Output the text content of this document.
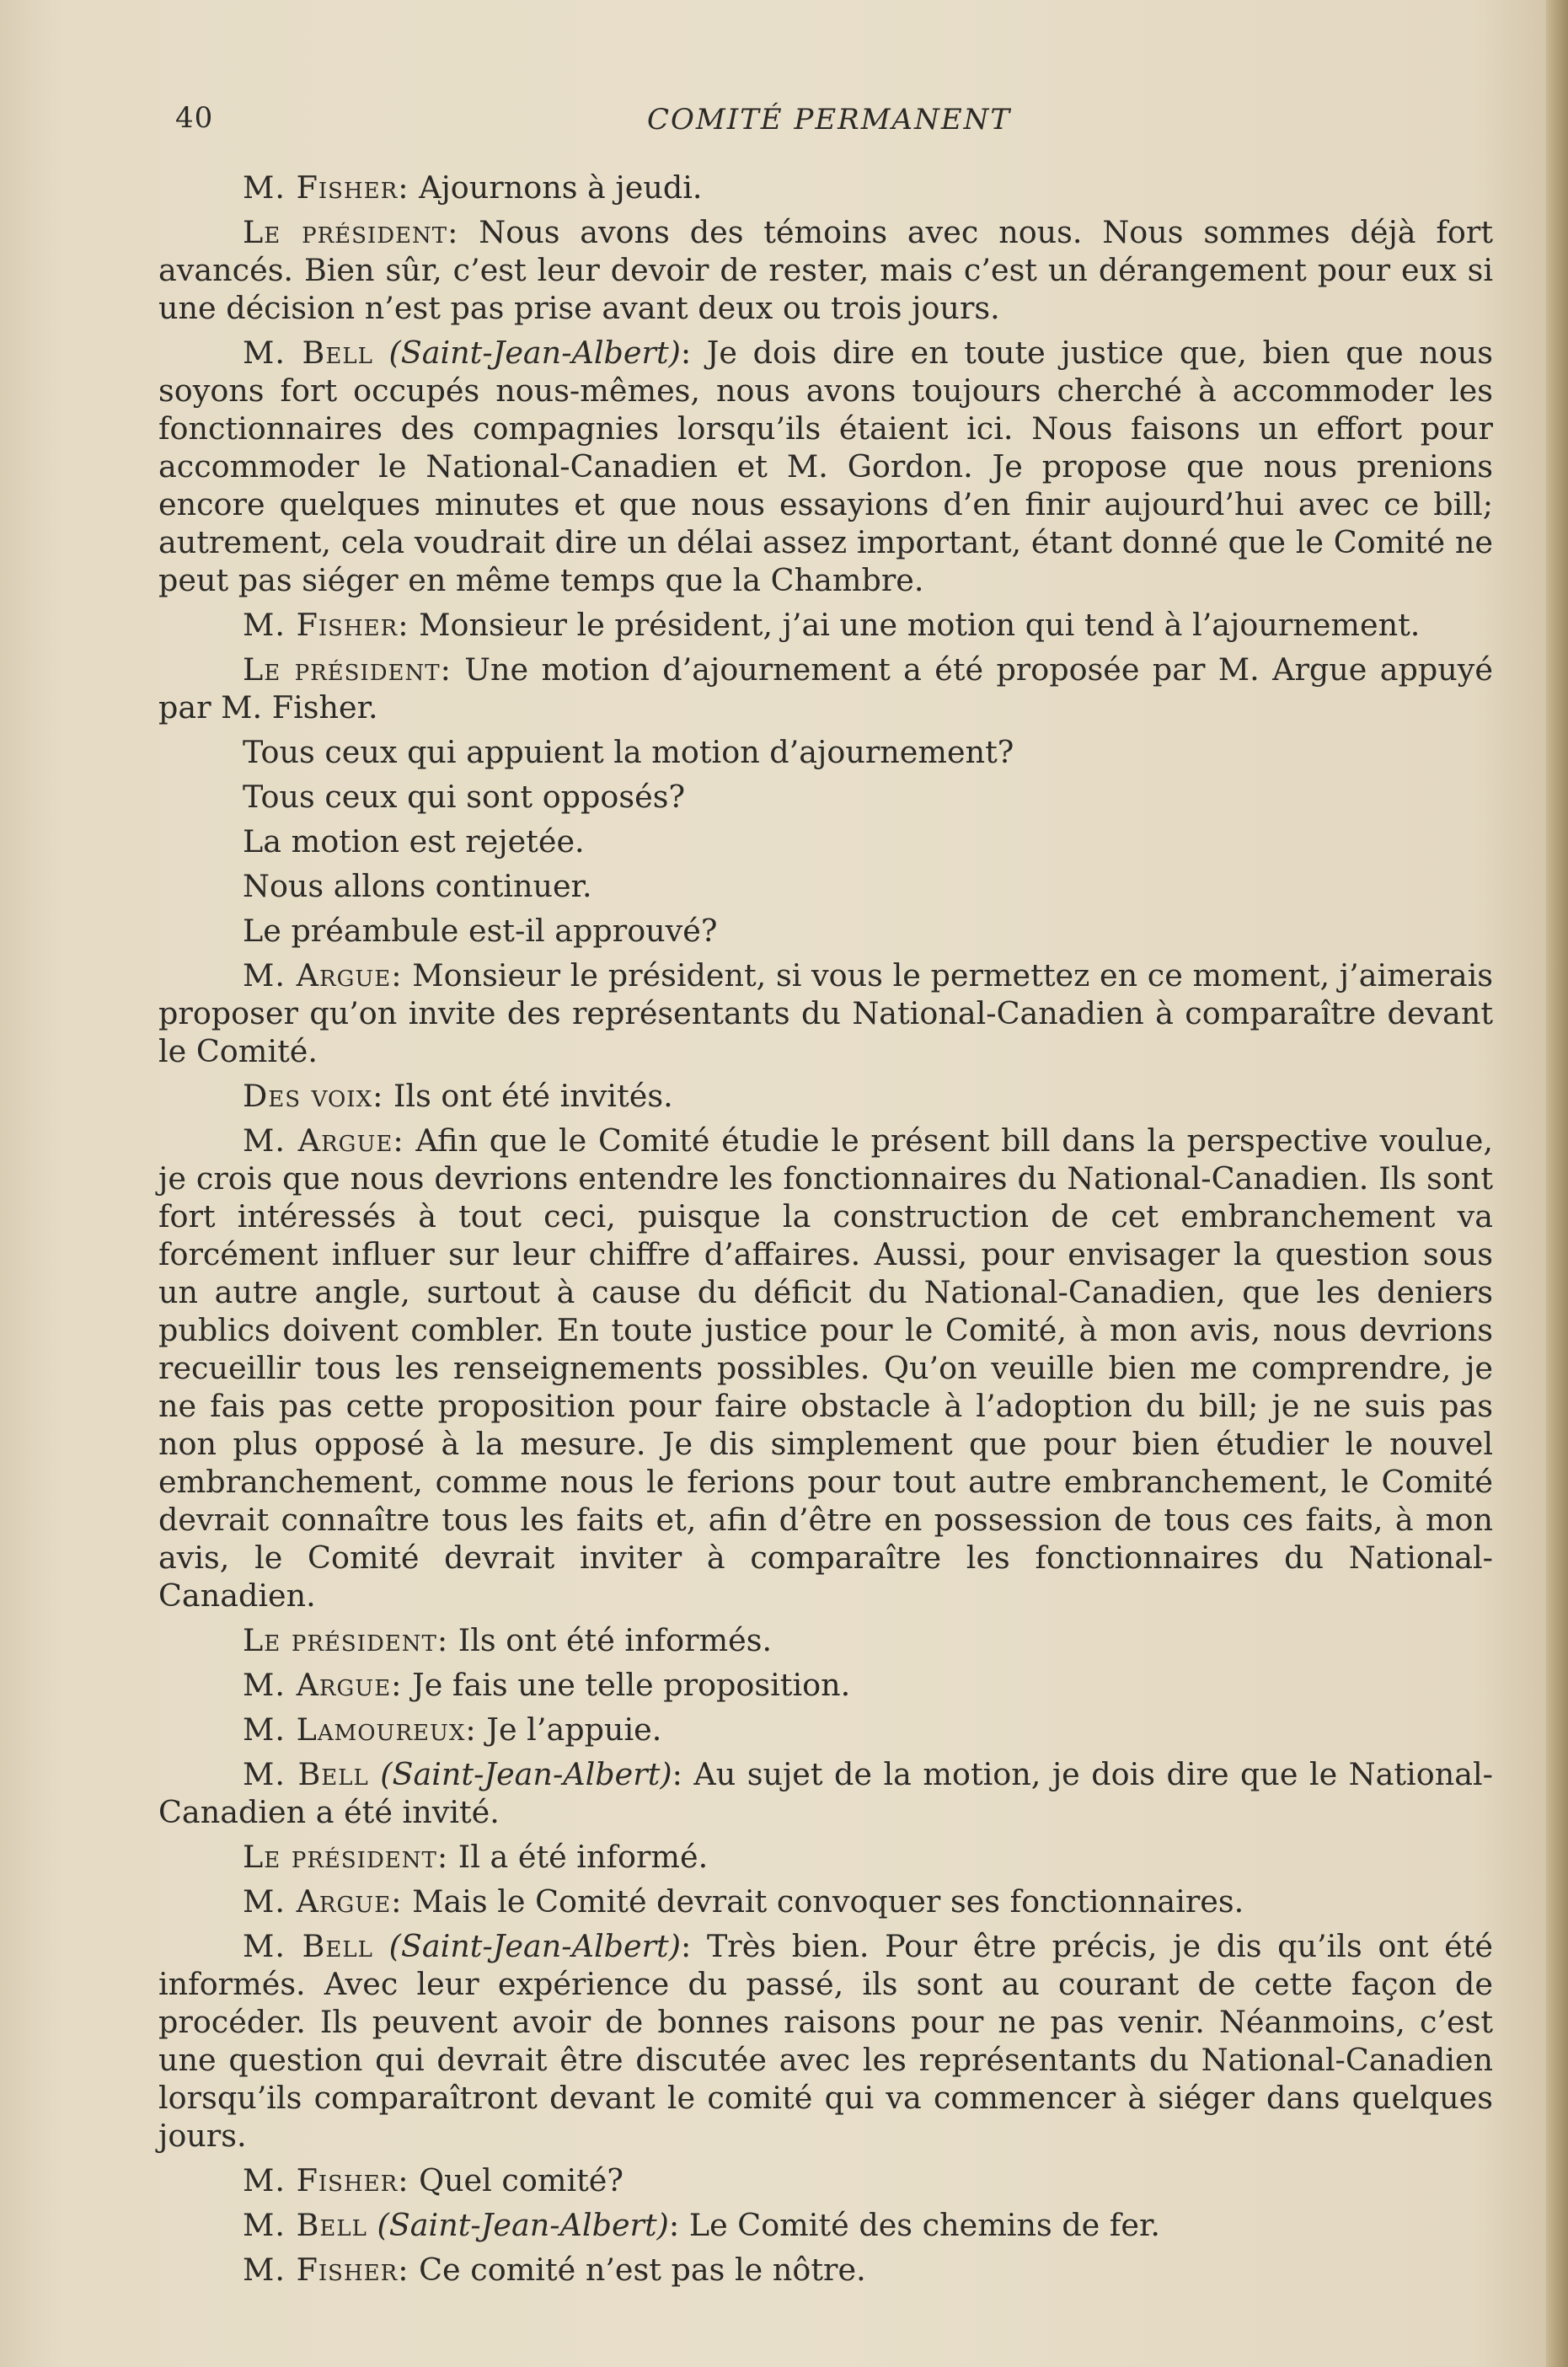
40	COMITÉ PERMANENT

M. Fisher: Ajournons à jeudi.

Le président: Nous avons des témoins avec nous. Nous sommes déjà fort avancés. Bien sûr, c’est leur devoir de rester, mais c’est un dérangement pour eux si une décision n’est pas prise avant deux ou trois jours.

M. Bell (Saint-Jean-Albert): Je dois dire en toute justice que, bien que nous soyons fort occupés nous-mêmes, nous avons toujours cherché à accommoder les fonctionnaires des compagnies lorsqu’ils étaient ici. Nous faisons un effort pour accommoder le National-Canadien et M. Gordon. Je propose que nous prenions encore quelques minutes et que nous essayions d’en finir aujourd’hui avec ce bill; autrement, cela voudrait dire un délai assez important, étant donné que le Comité ne peut pas siéger en même temps que la Chambre.

M. Fisher: Monsieur le président, j’ai une motion qui tend à l’ajournement.

Le président: Une motion d’ajournement a été proposée par M. Argue appuyé par M. Fisher.

Tous ceux qui appuient la motion d’ajournement?

Tous ceux qui sont opposés?

La motion est rejetée.

Nous allons continuer.

Le préambule est-il approuvé?

M. Argue: Monsieur le président, si vous le permettez en ce moment, j’aimerais proposer qu’on invite des représentants du National-Canadien à comparaître devant le Comité.

Des voix: Ils ont été invités.

M. Argue: Afin que le Comité étudie le présent bill dans la perspective voulue, je crois que nous devrions entendre les fonctionnaires du National-Canadien. Ils sont fort intéressés à tout ceci, puisque la construction de cet embranchement va forcément influer sur leur chiffre d’affaires. Aussi, pour envisager la question sous un autre angle, surtout à cause du déficit du National-Canadien, que les deniers publics doivent combler. En toute justice pour le Comité, à mon avis, nous devrions recueillir tous les renseignements possibles. Qu’on veuille bien me comprendre, je ne fais pas cette proposition pour faire obstacle à l’adoption du bill; je ne suis pas non plus opposé à la mesure. Je dis simplement que pour bien étudier le nouvel embranchement, comme nous le ferions pour tout autre embranchement, le Comité devrait connaître tous les faits et, afin d’être en possession de tous ces faits, à mon avis, le Comité devrait inviter à comparaître les fonctionnaires du National-Canadien.

Le président: Ils ont été informés.

M. Argue: Je fais une telle proposition.

M. Lamoureux: Je l’appuie.

M. Bell (Saint-Jean-Albert): Au sujet de la motion, je dois dire que le National-Canadien a été invité.

Le président: Il a été informé.

M. Argue: Mais le Comité devrait convoquer ses fonctionnaires.

M. Bell (Saint-Jean-Albert): Très bien. Pour être précis, je dis qu’ils ont été informés. Avec leur expérience du passé, ils sont au courant de cette façon de procéder. Ils peuvent avoir de bonnes raisons pour ne pas venir. Néanmoins, c’est une question qui devrait être discutée avec les représentants du National-Canadien lorsqu’ils comparaîtront devant le comité qui va commencer à siéger dans quelques jours.

M. Fisher: Quel comité?

M. Bell (Saint-Jean-Albert): Le Comité des chemins de fer.

M. Fisher: Ce comité n’est pas le nôtre.
